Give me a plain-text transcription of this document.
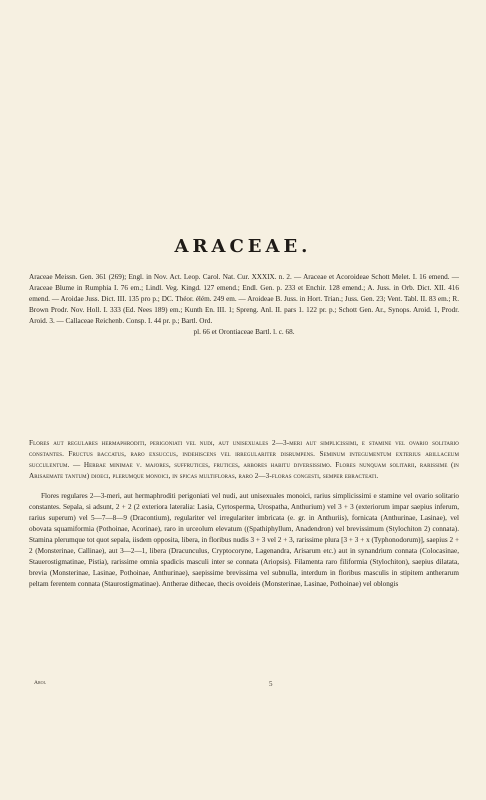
ARACEAE.

Araceae Meissn. Gen. 361 (269); Engl. in Nov. Act. Leop. Carol. Nat. Cur. XXXIX. n. 2. — Araceae et Acoroideae Schott Melet. I. 16 emend. — Araceae Blume in Rumphia I. 76 em.; Lindl. Veg. Kingd. 127 emend.; Endl. Gen. p. 233 et Enchir. 128 emend.; A. Juss. in Orb. Dict. XII. 416 emend. — Aroidae Juss. Dict. III. 135 pro p.; DC. Théor. élém. 249 em. — Aroideae B. Juss. in Hort. Trian.; Juss. Gen. 23; Vent. Tabl. II. 83 em.; R. Brown Prodr. Nov. Holl. I. 333 (Ed. Nees 189) em.; Kunth En. III. 1; Spreng. Anl. II. pars 1. 122 pr. p.; Schott Gen. Ar., Synops. Aroid. 1, Prodr. Aroid. 3. — Callaceae Reichenb. Consp. I. 44 pr. p.; Bartl. Ord.

pl. 66 et Orontiaceae Bartl. l. c. 68.

Flores aut regulares hermaphroditi, perigoniati vel nudi, aut unisexuales 2—3-meri aut simplicissimi, e stamine vel ovario solitario constantes. Fructus baccatus, raro exsuccus, indehiscens vel irregulariter disrumpens. Seminum integumentum exterius abillaceum succulentum. — Herbae minimae v. majores, suffrutices, frutices, arbores habitu diversissimo. Flores nunquam solitarii, rarissime (in Arisaemate tantum) dioeci, plerumque monoici, in spicas multifloras, raro 2—3-floras congesti, semper ebracteati.

Flores regulares 2—3-meri, aut hermaphroditi perigoniati vel nudi, aut unisexuales monoici, rarius simplicissimi e stamine vel ovario solitario constantes. Sepala, si adsunt, 2 + 2 (2 exteriora lateralia: Lasia, Cyrtosperma, Urospatha, Anthurium) vel 3 + 3 (exteriorum impar saepius inferum, rarius superum) vel 5—7—8—9 (Dracontium), regulariter vel irregulariter imbricata (e. gr. in Anthuriis), fornicata (Anthurinae, Lasinae), vel obovata squamiformia (Pothoinae, Acorinae), raro in urceolum elevatum ((Spathiphyllum, Anadendron) vel brevissimum (Stylochiton 2) connata). Stamina plerumque tot quot sepala, iisdem opposita, libera, in floribus nudis 3 + 3 vel 2 + 3, rarissime plura [3 + 3 + x (Typhonodorum)], saepius 2 + 2 (Monsterinae, Callinae), aut 3—2—1, libera (Dracunculus, Cryptocoryne, Lagenandra, Arisarum etc.) aut in synandrium connata (Colocasinae, Stauerostigmatinae, Pistia), rarissime omnia spadicis masculi inter se connata (Ariopsis). Filamenta raro filiformia (Stylochiton), saepius dilatata, brevia (Monsterinae, Lasinae, Pothoinae, Anthurinae), saepissime brevissima vel subnulla, interdum in floribus masculis in stipitem antherarum peltam ferentem connata (Staurostigmatinae). Antherae dithecae, thecis ovoideis (Monsterinae, Lasinae, Pothoinae) vel oblongis

Aroi.	5
